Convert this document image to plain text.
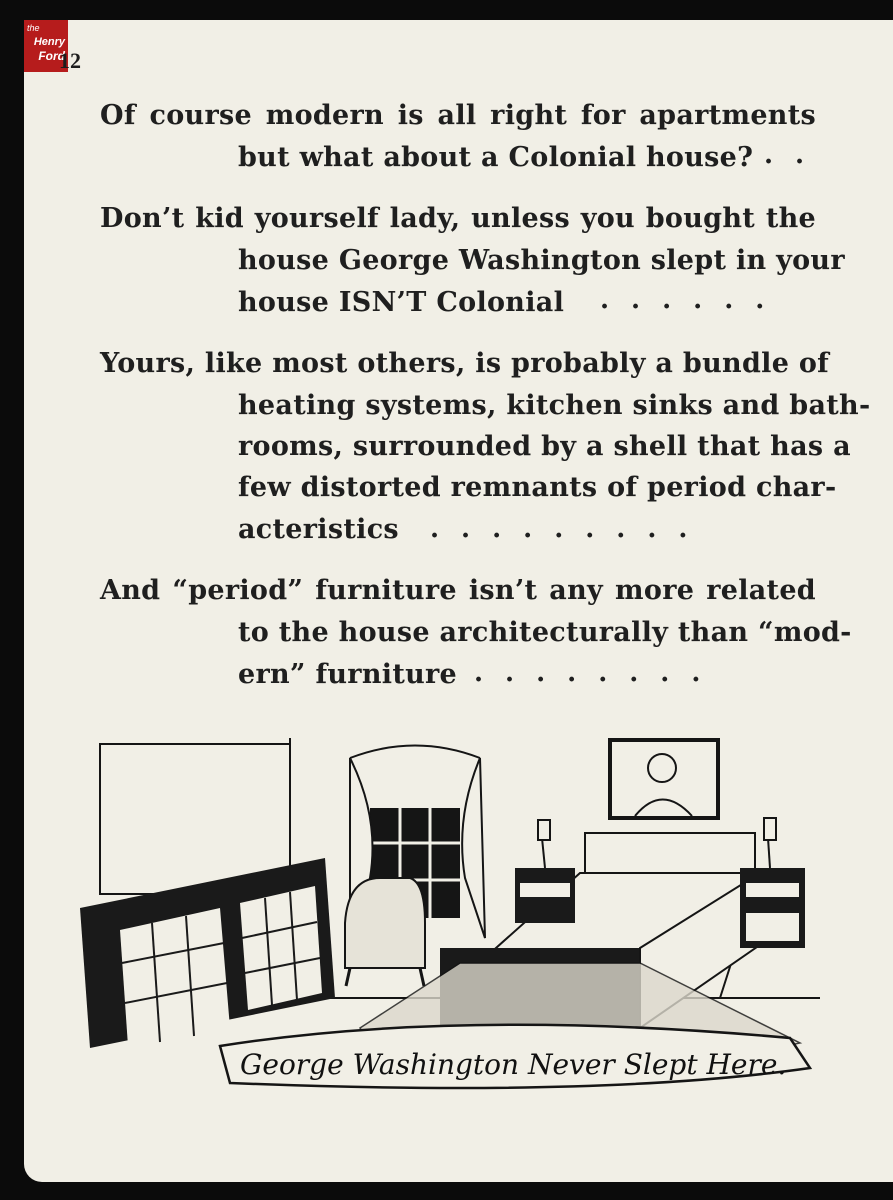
the
Henry
Ford
12
Of course modern is all right for apartments
but what about a Colonial house? ..
Don’t kid yourself lady, unless you bought the
house George Washington slept in your
house ISN’T Colonial ......
Yours, like most others, is probably a bundle of
heating systems, kitchen sinks and bath-
rooms, surrounded by a shell that has a
few distorted remnants of period char-
acteristics .........
And “period” furniture isn’t any more related
to the house architecturally than “mod-
ern” furniture ........
George Washington Never Slept Here.
